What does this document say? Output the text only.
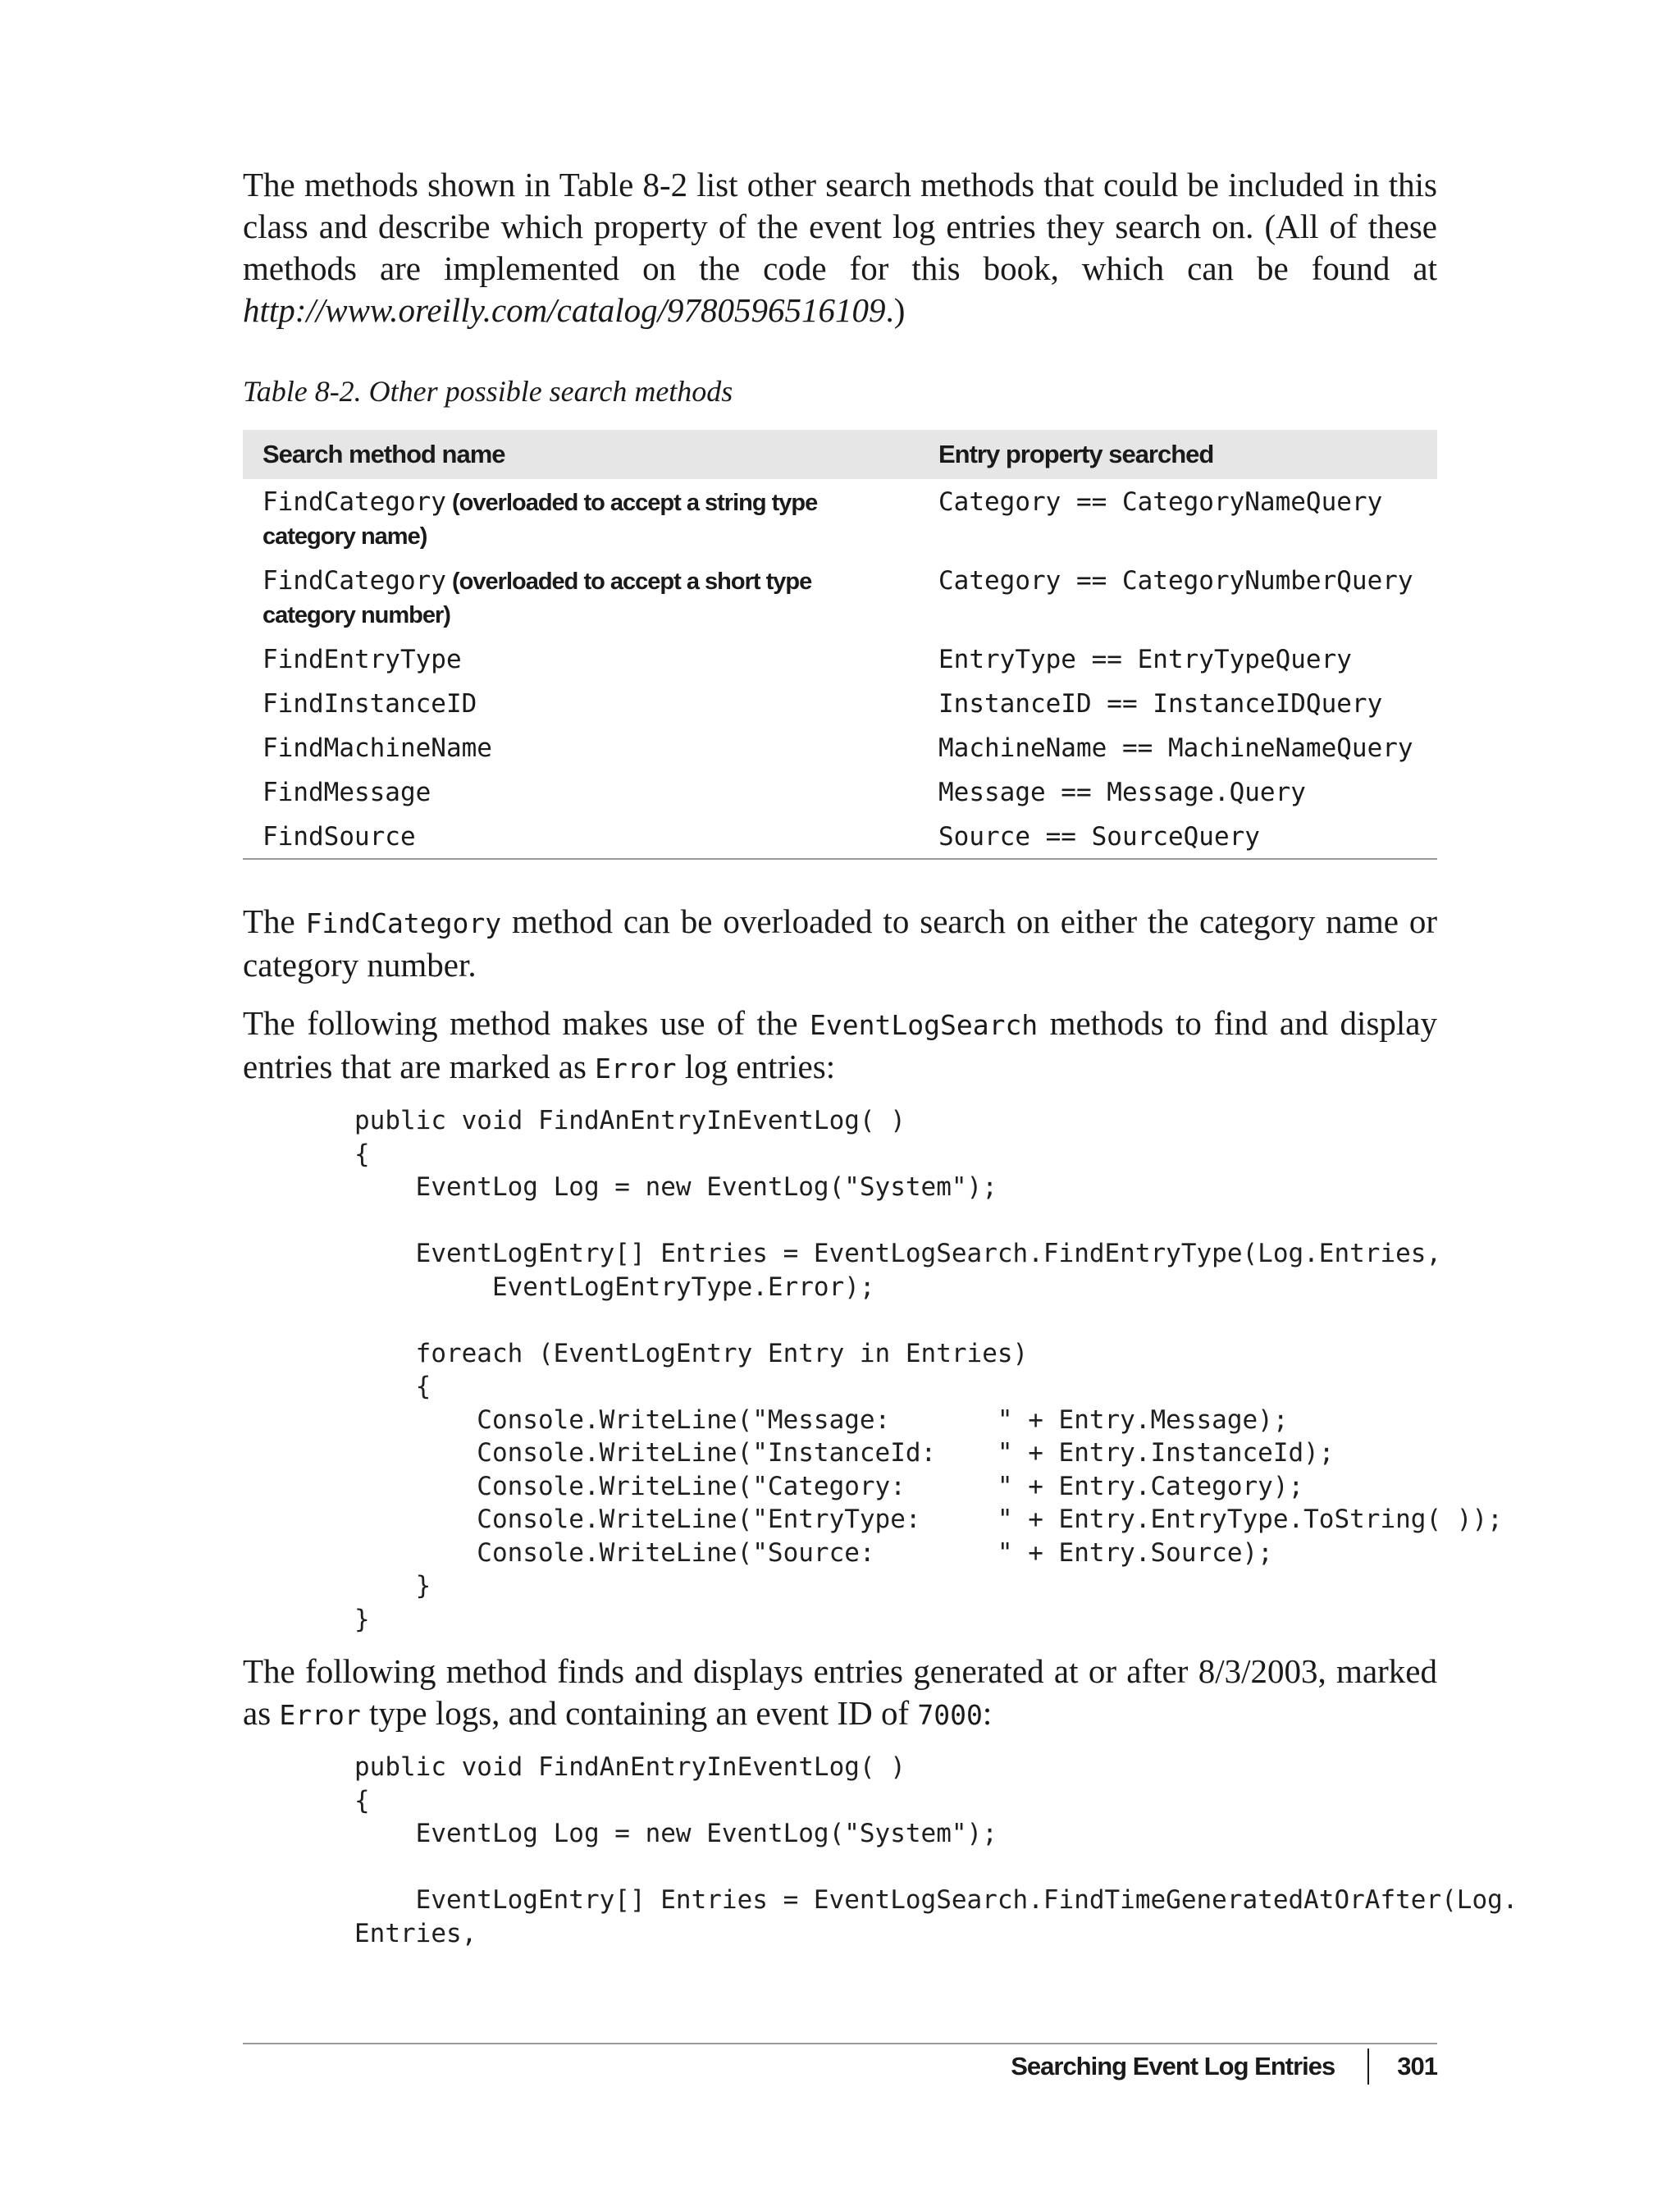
The methods shown in Table 8-2 list other search methods that could be included in this class and describe which property of the event log entries they search on. (All of these methods are implemented on the code for this book, which can be found at http://www.oreilly.com/catalog/9780596516109.)

Table 8-2. Other possible search methods
Search method name	Entry property searched
FindCategory (overloaded to accept a string type category name)	Category == CategoryNameQuery
FindCategory (overloaded to accept a short type category number)	Category == CategoryNumberQuery
FindEntryType	EntryType == EntryTypeQuery
FindInstanceID	InstanceID == InstanceIDQuery
FindMachineName	MachineName == MachineNameQuery
FindMessage	Message == Message.Query
FindSource	Source == SourceQuery

The FindCategory method can be overloaded to search on either the category name or category number.

The following method makes use of the EventLogSearch methods to find and display entries that are marked as Error log entries:

public void FindAnEntryInEventLog( )
{
EventLog Log = new EventLog("System");

EventLogEntry[] Entries = EventLogSearch.FindEntryType(Log.Entries,
EventLogEntryType.Error);

foreach (EventLogEntry Entry in Entries)
{
Console.WriteLine("Message:       " + Entry.Message);
Console.WriteLine("InstanceId:    " + Entry.InstanceId);
Console.WriteLine("Category:      " + Entry.Category);
Console.WriteLine("EntryType:     " + Entry.EntryType.ToString( ));
Console.WriteLine("Source:        " + Entry.Source);
}
}

The following method finds and displays entries generated at or after 8/3/2003, marked as Error type logs, and containing an event ID of 7000:

public void FindAnEntryInEventLog( )
{
EventLog Log = new EventLog("System");

EventLogEntry[] Entries = EventLogSearch.FindTimeGeneratedAtOrAfter(Log.
Entries,
Searching Event Log Entries 301
